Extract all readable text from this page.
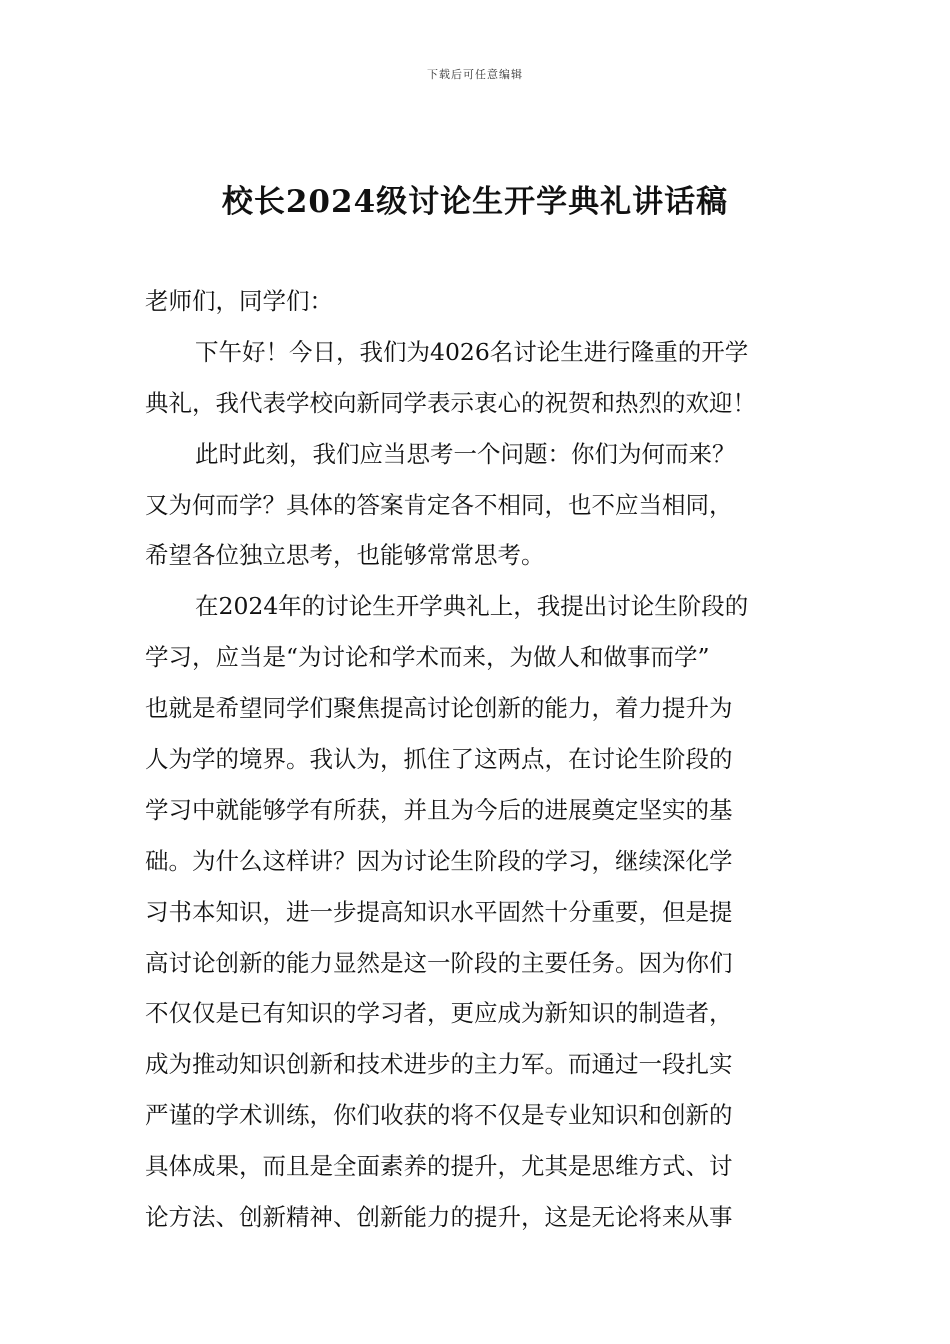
下载后可任意编辑
校长2024级讨论生开学典礼讲话稿
老师们，同学们：
下午好！今日，我们为4026名讨论生进行隆重的开学
典礼，我代表学校向新同学表示衷心的祝贺和热烈的欢迎！
此时此刻，我们应当思考一个问题：你们为何而来？
又为何而学？具体的答案肯定各不相同，也不应当相同，
希望各位独立思考，也能够常常思考。
在2024年的讨论生开学典礼上，我提出讨论生阶段的
学习，应当是“为讨论和学术而来，为做人和做事而学”
也就是希望同学们聚焦提高讨论创新的能力，着力提升为
人为学的境界。我认为，抓住了这两点，在讨论生阶段的
学习中就能够学有所获，并且为今后的进展奠定坚实的基
础。为什么这样讲？因为讨论生阶段的学习，继续深化学
习书本知识，进一步提高知识水平固然十分重要，但是提
高讨论创新的能力显然是这一阶段的主要任务。因为你们
不仅仅是已有知识的学习者，更应成为新知识的制造者，
成为推动知识创新和技术进步的主力军。而通过一段扎实
严谨的学术训练，你们收获的将不仅是专业知识和创新的
具体成果，而且是全面素养的提升，尤其是思维方式、讨
论方法、创新精神、创新能力的提升，这是无论将来从事
